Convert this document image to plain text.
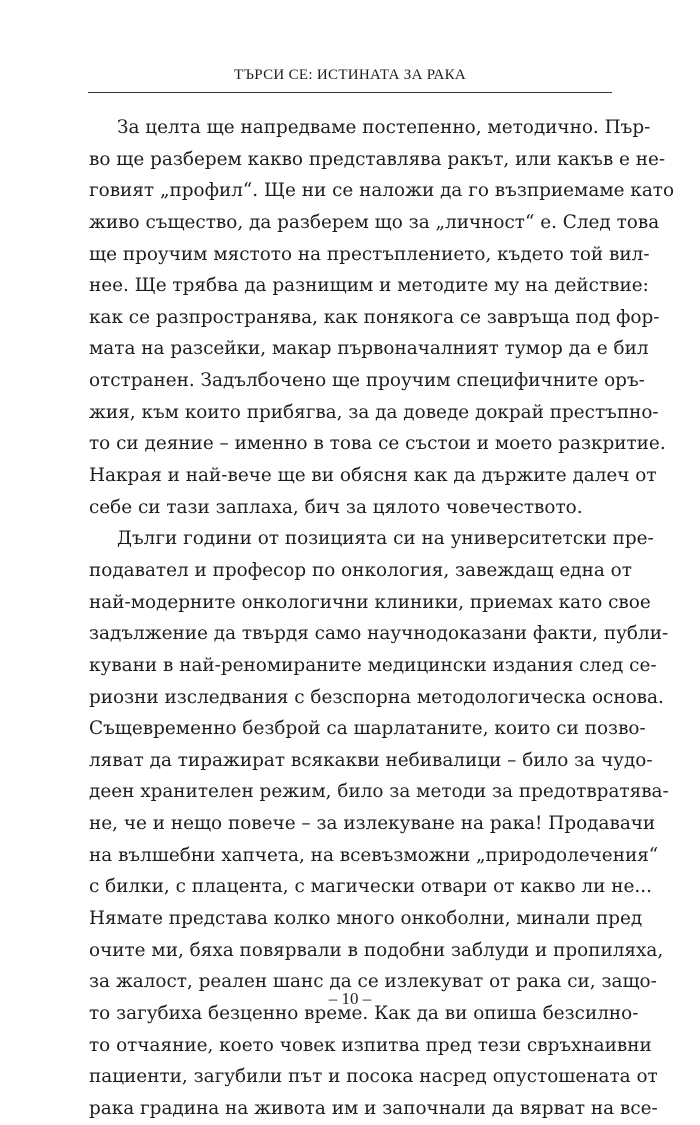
ТЪРСИ СЕ: ИСТИНАТА ЗА РАКА
За целта ще напредваме постепенно, методично. Пър-
во ще разберем какво представлява ракът, или какъв е не-
говият „профил“. Ще ни се наложи да го възприемаме като
живо същество, да разберем що за „личност“ е. След това
ще проучим мястото на престъплението, където той вил-
нее. Ще трябва да разнищим и методите му на действие:
как се разпространява, как понякога се завръща под фор-
мата на разсейки, макар първоначалният тумор да е бил
отстранен. Задълбочено ще проучим специфичните оръ-
жия, към които прибягва, за да доведе докрай престъпно-
то си деяние – именно в това се състои и моето разкритие.
Накрая и най-вече ще ви обясня как да държите далеч от
себе си тази заплаха, бич за цялото човечеството.
Дълги години от позицията си на университетски пре-
подавател и професор по онкология, завеждащ една от
най-модерните онкологични клиники, приемах като свое
задължение да твърдя само научнодоказани факти, публи-
кувани в най-реномираните медицински издания след се-
риозни изследвания с безспорна методологическа основа.
Същевременно безброй са шарлатаните, които си позво-
ляват да тиражират всякакви небивалици – било за чудо-
деен хранителен режим, било за методи за предотвратява-
не, че и нещо повече – за излекуване на рака! Продавачи
на вълшебни хапчета, на всевъзможни „природолечения“
с билки, с плацента, с магически отвари от какво ли не...
Нямате представа колко много онкоболни, минали пред
очите ми, бяха повярвали в подобни заблуди и пропиляха,
за жалост, реален шанс да се излекуват от рака си, защо-
то загубиха безценно време. Как да ви опиша безсилно-
то отчаяние, което човек изпитва пред тези свръхнаивни
пациенти, загубили път и посока насред опустошената от
рака градина на живота им и започнали да вярват на все-
– 10 –
